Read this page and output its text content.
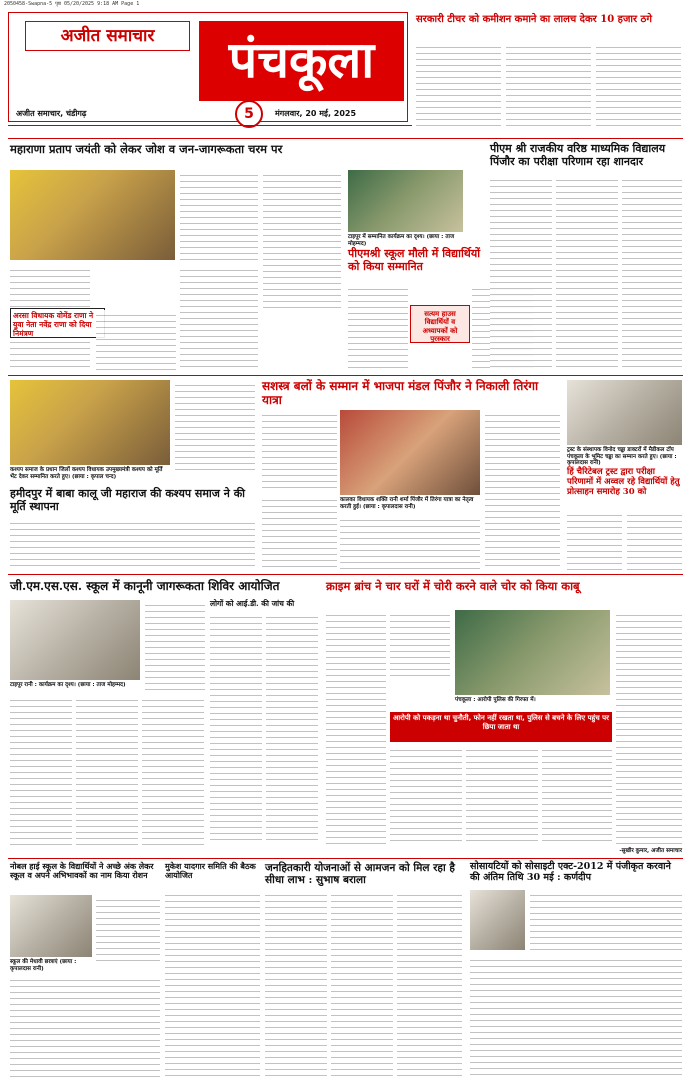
2050458-Swapna-5 पृष्ठ 05/20/2025 9:18 AM Page 1
अजीत समाचार	पंचकूला
अजीत समाचार, चंडीगढ़	5	मंगलवार, 20 मई, 2025
सरकारी टीचर को कमीशन कमाने का लालच देकर 10 हजार ठगे
महाराणा प्रताप जयंती को लेकर जोश व जन-जागरूकता चरम पर
अरसा विधायक वोमेंड राणा ने युवा नेता नवेंद्र राणा को दिया निमंत्रण
टाइपूर में सम्मानित कार्यक्रम का दृश्य। (छाया : ताज मोहम्मद)
पीएमश्री स्कूल मौली में विद्यार्थियों को किया सम्मानित
सत्यम हाउस विद्यार्थियों व अध्यापकों को पुरस्कार
पीएम श्री राजकीय वरिष्ठ माध्यमिक विद्यालय पिंजौर का परीक्षा परिणाम रहा शानदार
कश्यप समाज के प्रधान जिलों कश्यप विधायक उपमुख्यमंत्री कश्यप को मूर्ति भेंट देकर सम्मानित करते हुए। (छाया : कृपाल चन्द)
हमीदपुर में बाबा कालू जी महाराज की कश्यप समाज ने की मूर्ति स्थापना
सशस्त्र बलों के सम्मान में भाजपा मंडल पिंजौर ने निकाली तिरंगा यात्रा
कालका विधायक शक्ति रानी शर्मा पिंजौर में तिरंगा यात्रा का नेतृत्व करती हुई। (छाया : कृपालदास रानी)
ट्रस्ट के संस्थापक विनोद चड्ढा डाक्टरों में मैडीकल टॉप पंचकूला के भूमिट चड्ढा का सम्मान करते हुए। (छाया : कृपालदास रानी)
हिं चैरिटेबल ट्रस्ट द्वारा परीक्षा परिणामों में अव्वल रहे विद्यार्थियों हेतु प्रोत्साहन समारोह 30 को
जी.एम.एस.एस. स्कूल में कानूनी जागरूकता शिविर आयोजित
टाइपूर रानी : कार्यक्रम का दृश्य। (छाया : ताज मोहम्मद)
लोगों को आई.डी. की जांच की
क्राइम ब्रांच ने चार घरों में चोरी करने वाले चोर को किया काबू
पंचकूला : आरोपी पुलिस की गिरफ्त में।
आरोपी को पकड़ना था चुनौती, फोन नहीं रखता था, पुलिस से बचने के लिए पहुंच पर छिपा जाता था
-सुखीर कुमार, अजीत समाचार
नोबल हाई स्कूल के विद्यार्थियों ने अच्छे अंक लेकर स्कूल व अपने अभिभावकों का नाम किया रोशन
स्कूल की मेधावी छात्राएं (छाया : कृपालदास रानी)
मुकेश यादगार समिति की बैठक आयोजित
जनहितकारी योजनाओं से आमजन को मिल रहा है सीधा लाभ : सुभाष बराला
सोसायटियों को सोसाइटी एक्ट-2012 में पंजीकृत करवाने की अंतिम तिथि 30 मई : कर्णदीप
